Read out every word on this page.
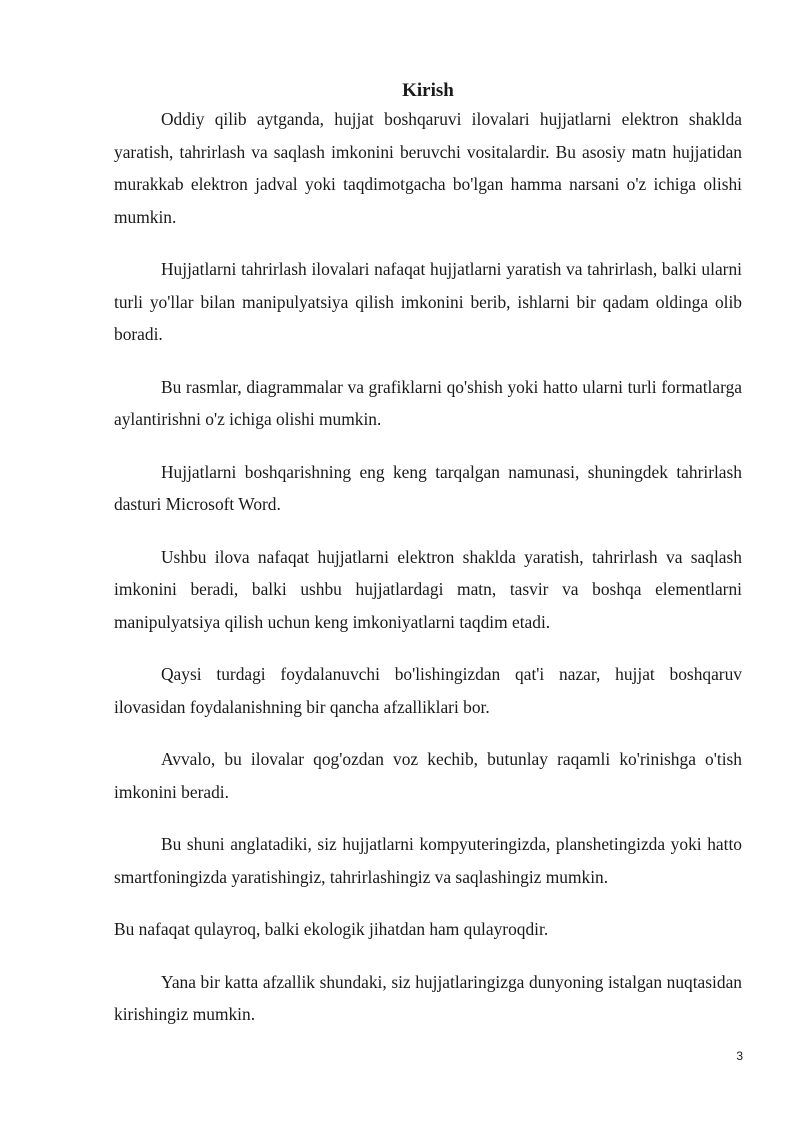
Kirish

Oddiy qilib aytganda, hujjat boshqaruvi ilovalari hujjatlarni elektron shaklda yaratish, tahrirlash va saqlash imkonini beruvchi vositalardir. Bu asosiy matn hujjatidan murakkab elektron jadval yoki taqdimotgacha bo'lgan hamma narsani o'z ichiga olishi mumkin.

Hujjatlarni tahrirlash ilovalari nafaqat hujjatlarni yaratish va tahrirlash, balki ularni turli yo'llar bilan manipulyatsiya qilish imkonini berib, ishlarni bir qadam oldinga olib boradi.

Bu rasmlar, diagrammalar va grafiklarni qo'shish yoki hatto ularni turli formatlarga aylantirishni o'z ichiga olishi mumkin.

Hujjatlarni boshqarishning eng keng tarqalgan namunasi, shuningdek tahrirlash dasturi Microsoft Word.

Ushbu ilova nafaqat hujjatlarni elektron shaklda yaratish, tahrirlash va saqlash imkonini beradi, balki ushbu hujjatlardagi matn, tasvir va boshqa elementlarni manipulyatsiya qilish uchun keng imkoniyatlarni taqdim etadi.

Qaysi turdagi foydalanuvchi bo'lishingizdan qat'i nazar, hujjat boshqaruv ilovasidan foydalanishning bir qancha afzalliklari bor.

Avvalo, bu ilovalar qog'ozdan voz kechib, butunlay raqamli ko'rinishga o'tish imkonini beradi.

Bu shuni anglatadiki, siz hujjatlarni kompyuteringizda, planshetingizda yoki hatto smartfoningizda yaratishingiz, tahrirlashingiz va saqlashingiz mumkin.

Bu nafaqat qulayroq, balki ekologik jihatdan ham qulayroqdir.

Yana bir katta afzallik shundaki, siz hujjatlaringizga dunyoning istalgan nuqtasidan kirishingiz mumkin.

3
